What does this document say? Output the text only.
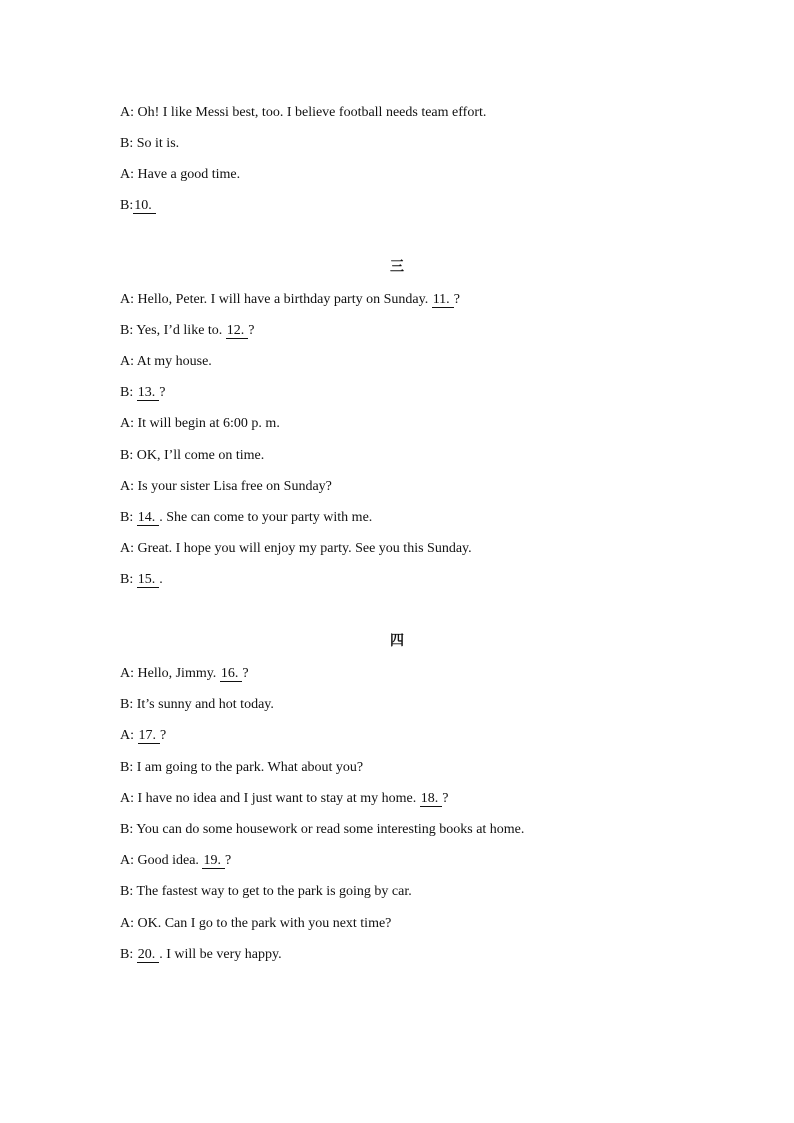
A: Oh! I like Messi best, too. I believe football needs team effort.
B: So it is.
A: Have a good time.
B:10.
三
A: Hello, Peter. I will have a birthday party on Sunday. 11. ?
B: Yes, I’d like to. 12. ?
A: At my house.
B: 13. ?
A: It will begin at 6:00 p. m.
B: OK, I’ll come on time.
A: Is your sister Lisa free on Sunday?
B: 14. . She can come to your party with me.
A: Great. I hope you will enjoy my party. See you this Sunday.
B: 15. .
四
A: Hello, Jimmy. 16. ?
B: It’s sunny and hot today.
A: 17. ?
B: I am going to the park. What about you?
A: I have no idea and I just want to stay at my home. 18. ?
B: You can do some housework or read some interesting books at home.
A: Good idea. 19. ?
B: The fastest way to get to the park is going by car.
A: OK. Can I go to the park with you next time?
B: 20. . I will be very happy.
